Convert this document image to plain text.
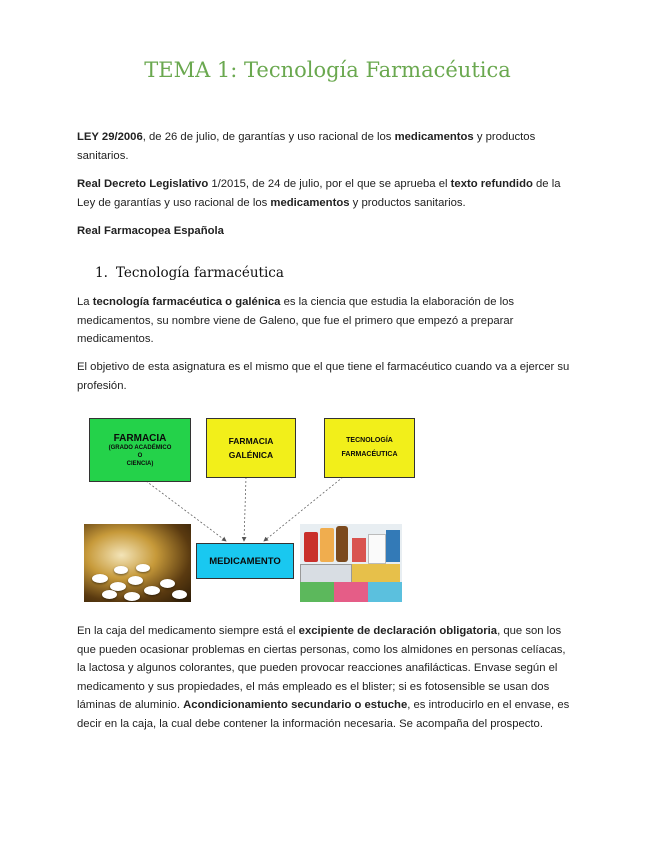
TEMA 1: Tecnología Farmacéutica

LEY 29/2006, de 26 de julio, de garantías y uso racional de los medicamentos y productos sanitarios.

Real Decreto Legislativo 1/2015, de 24 de julio, por el que se aprueba el texto refundido de la Ley de garantías y uso racional de los medicamentos y productos sanitarios.

Real Farmacopea Española

1. Tecnología farmacéutica

La tecnología farmacéutica o galénica es la ciencia que estudia la elaboración de los medicamentos, su nombre viene de Galeno, que fue el primero que empezó a preparar medicamentos.

El objetivo de esta asignatura es el mismo que el que tiene el farmacéutico cuando va a ejercer su profesión.

FARMACIA
(GRADO ACADÉMICO
O
CIENCIA)
FARMACIA
GALÉNICA
TECNOLOGÍA
FARMACÉUTICA
MEDICAMENTO

En la caja del medicamento siempre está el excipiente de declaración obligatoria, que son los que pueden ocasionar problemas en ciertas personas, como los almidones en personas celíacas, la lactosa y algunos colorantes, que pueden provocar reacciones anafilácticas. Envase según el medicamento y sus propiedades, el más empleado es el blister; si es fotosensible se usan dos láminas de aluminio. Acondicionamiento secundario o estuche, es introducirlo en el envase, es decir en la caja, la cual debe contener la información necesaria. Se acompaña del prospecto.
